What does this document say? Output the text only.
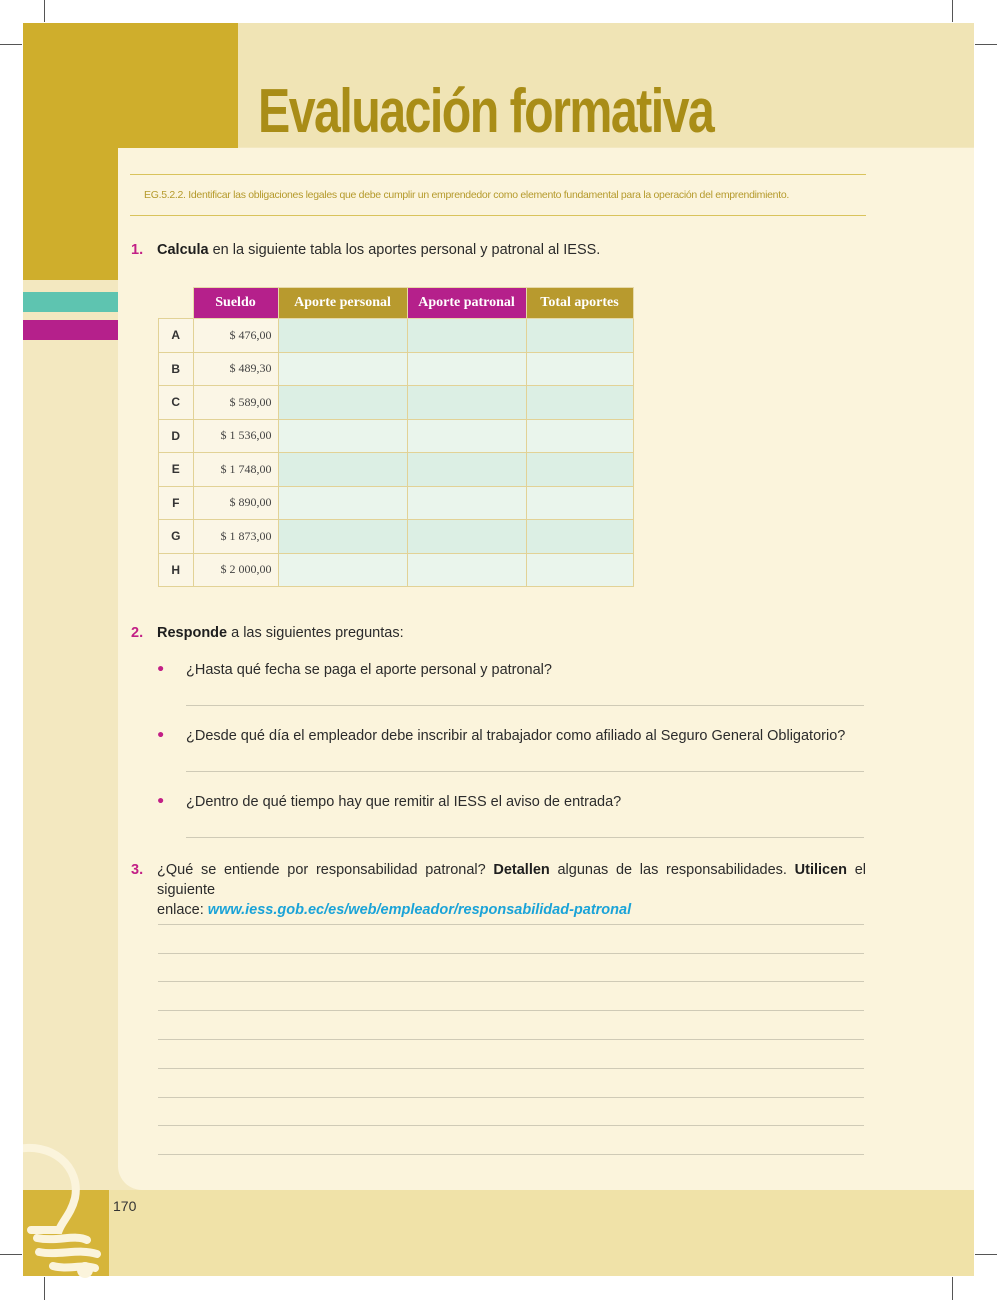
Evaluación formativa
EG.5.2.2. Identificar las obligaciones legales que debe cumplir un emprendedor como elemento fundamental para la operación del emprendimiento.
1. Calcula en la siguiente tabla los aportes personal y patronal al IESS.
	Sueldo	Aporte personal	Aporte patronal	Total aportes
A	$ 476,00			
B	$ 489,30			
C	$ 589,00			
D	$ 1 536,00			
E	$ 1 748,00			
F	$ 890,00			
G	$ 1 873,00			
H	$ 2 000,00			
2. Responde a las siguientes preguntas:
• ¿Hasta qué fecha se paga el aporte personal y patronal?
• ¿Desde qué día el empleador debe inscribir al trabajador como afiliado al Seguro General Obligatorio?
• ¿Dentro de qué tiempo hay que remitir al IESS el aviso de entrada?
3. ¿Qué se entiende por responsabilidad patronal? Detallen algunas de las responsabilidades. Utilicen el siguiente
enlace: www.iess.gob.ec/es/web/empleador/responsabilidad-patronal
170
